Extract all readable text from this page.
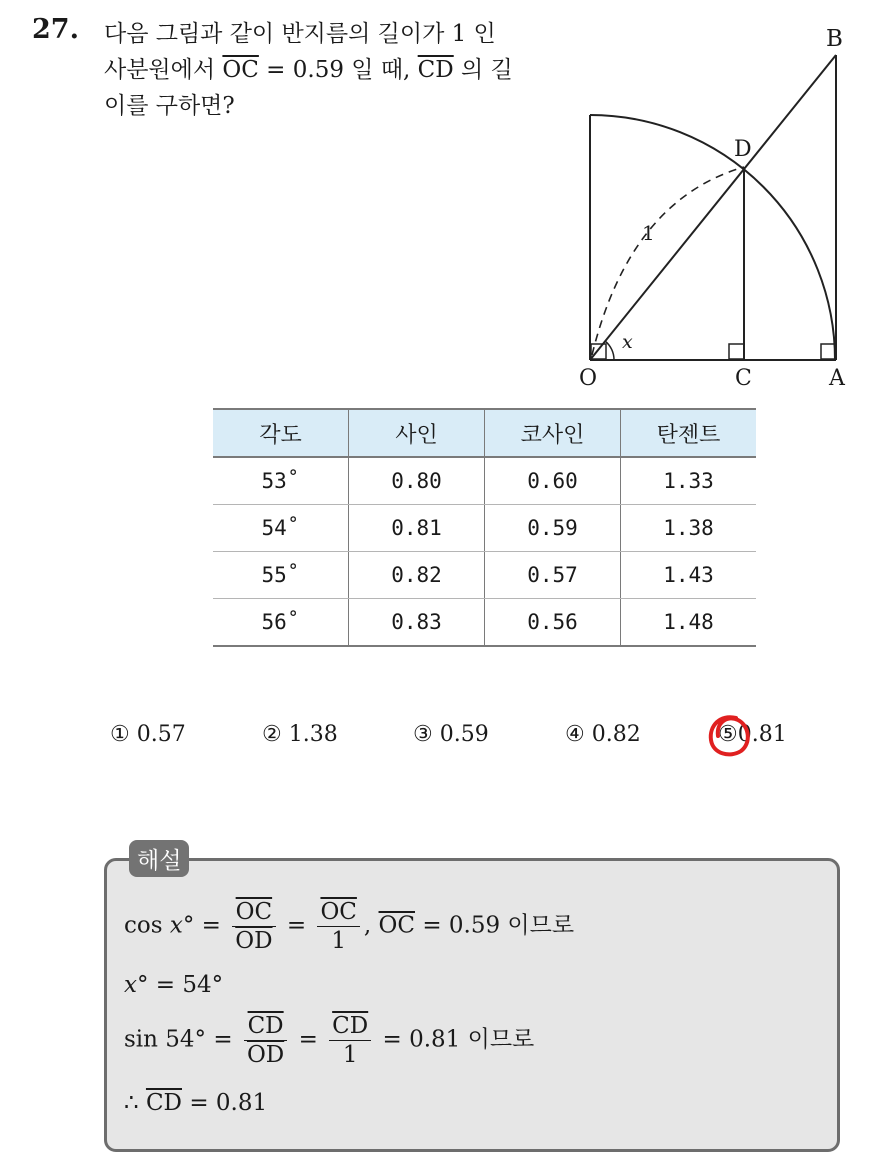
27. 다음 그림과 같이 반지름의 길이가 1 인
사분원에서 $\overline{OC} = 0.59$ 일 때, $\overline{CD}$ 의 길
이를 구하면?
B
D
1
x
O	C	A
각도	사인	코사인	탄젠트
53˚	0.80	0.60	1.33
54˚	0.81	0.59	1.38
55˚	0.82	0.57	1.43
56˚	0.83	0.56	1.48
① 0.57	② 1.38	③ 0.59	④ 0.82	⑤0.81
해설
$\cos x^\circ = \frac{\overline{OC}}{OD} = \frac{\overline{OC}}{1}$ , $\overline{OC} = 0.59$ 이므로
x° = 54°
$\sin 54^\circ = \frac{\overline{CD}}{OD} = \frac{\overline{CD}}{1} = 0.81$ 이므로
∴ $\overline{CD} = 0.81$
